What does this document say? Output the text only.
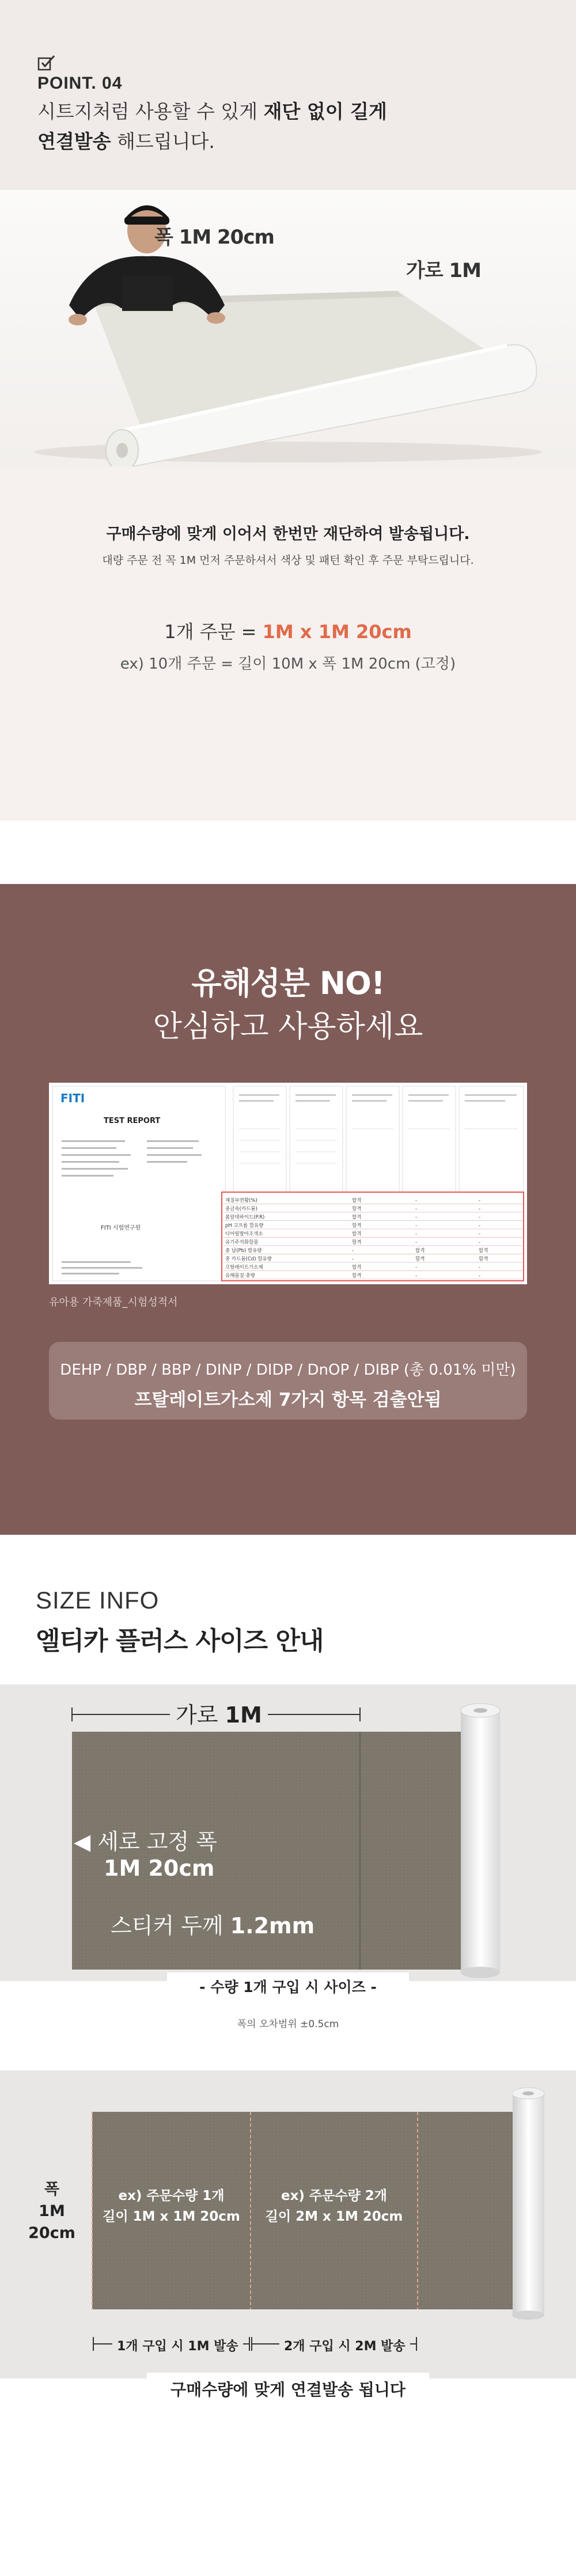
POINT. 04
시트지처럼 사용할 수 있게 재단 없이 길게
연결발송 해드립니다.
폭 1M 20cm
가로 1M
구매수량에 맞게 이어서 한번만 재단하여 발송됩니다.
대량 주문 전 꼭 1M 먼저 주문하셔서 색상 및 패턴 확인 후 주문 부탁드립니다.
1개 주문 = 1M x 1M 20cm
ex) 10개 주문 = 길이 10M x 폭 1M 20cm (고정)
유해성분 NO!
안심하고 사용하세요
FITI
TEST REPORT
FITI 시험연구원
재질부연황(%)	합격	-	-
중금속(카드뮴)	합격	-	-
폼알데하이드(P.R)	합격	-	-
pH 고프롬 함유량	합격	-	-
디아릴발아조색소	합격	-	-
유기주석화합물	합격	-	-
총 납(Pb) 함유량	-	합격	합격
총 카드뮴(Cd) 함유량	-	합격	합격
프탈레이트가소제	합격	-	-
유해물질 총량	합격	-	-
유아용 가죽제품_시험성적서
DEHP / DBP / BBP / DINP / DIDP / DnOP / DIBP (총 0.01% 미만)
프탈레이트가소제 7가지 항목 검출안됨
SIZE INFO
엘티카 플러스 사이즈 안내
가로 1M
◀ 세로 고정 폭
1M 20cm
스티커 두께 1.2mm
- 수량 1개 구입 시 사이즈 -
폭의 오차범위 ±0.5cm
폭
1M 20cm
ex) 주문수량 1개
길이 1M x 1M 20cm
ex) 주문수량 2개
길이 2M x 1M 20cm
1개 구입 시 1M 발송	2개 구입 시 2M 발송
구매수량에 맞게 연결발송 됩니다
